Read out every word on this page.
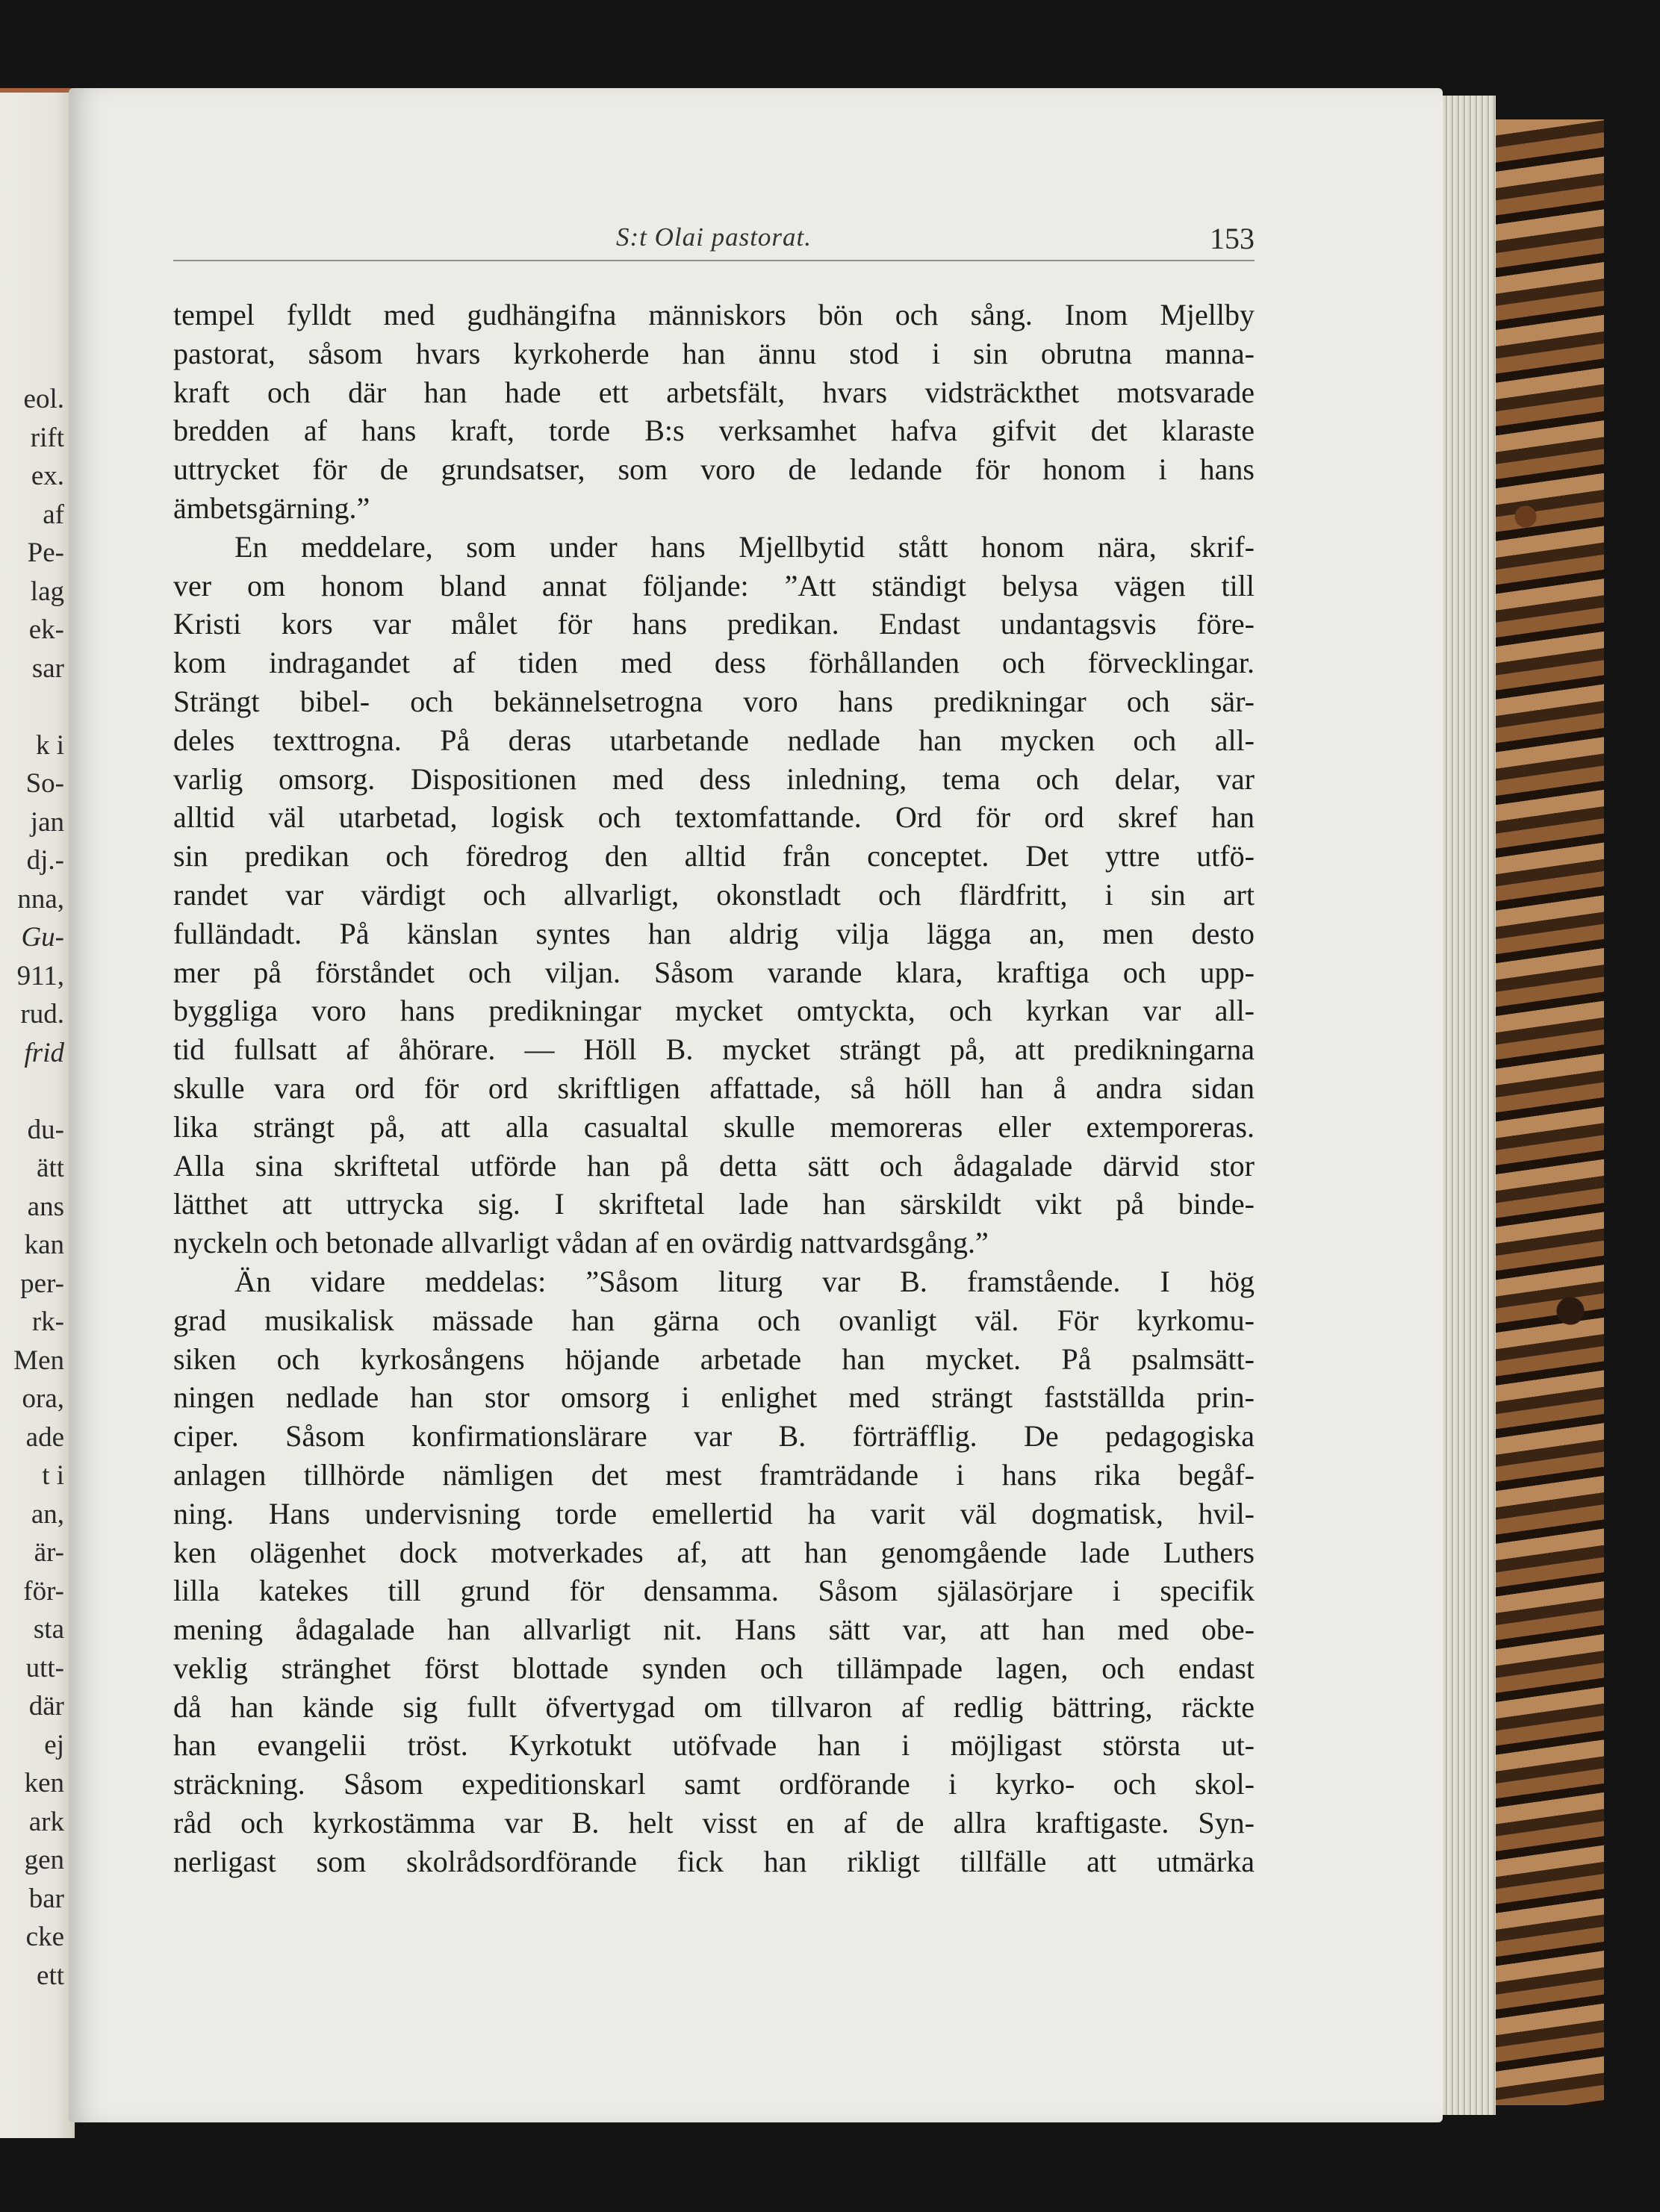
eol.
rift
ex.
af
Pe-
lag
ek-
sar

k i
So-
jan
dj.-
nna,
Gu-
911,
rud.
frid

du-
ätt
ans
kan
per-
rk-
Men
ora,
ade
t i
an,
är-
för-
sta
utt-
där
ej
ken
ark
gen
bar
cke
ett
S:t Olai pastorat.	153
tempel fylldt med gudhängifna människors bön och sång. Inom Mjellby
pastorat, såsom hvars kyrkoherde han ännu stod i sin obrutna manna-
kraft och där han hade ett arbetsfält, hvars vidsträckthet motsvarade
bredden af hans kraft, torde B:s verksamhet hafva gifvit det klaraste
uttrycket för de grundsatser, som voro de ledande för honom i hans
ämbetsgärning.”
En meddelare, som under hans Mjellbytid stått honom nära, skrif-
ver om honom bland annat följande: ”Att ständigt belysa vägen till
Kristi kors var målet för hans predikan. Endast undantagsvis före-
kom indragandet af tiden med dess förhållanden och förvecklingar.
Strängt bibel- och bekännelsetrogna voro hans predikningar och sär-
deles texttrogna. På deras utarbetande nedlade han mycken och all-
varlig omsorg. Dispositionen med dess inledning, tema och delar, var
alltid väl utarbetad, logisk och textomfattande. Ord för ord skref han
sin predikan och föredrog den alltid från conceptet. Det yttre utfö-
randet var värdigt och allvarligt, okonstladt och flärdfritt, i sin art
fulländadt. På känslan syntes han aldrig vilja lägga an, men desto
mer på förståndet och viljan. Såsom varande klara, kraftiga och upp-
byggliga voro hans predikningar mycket omtyckta, och kyrkan var all-
tid fullsatt af åhörare. — Höll B. mycket strängt på, att predikningarna
skulle vara ord för ord skriftligen affattade, så höll han å andra sidan
lika strängt på, att alla casualtal skulle memoreras eller extemporeras.
Alla sina skriftetal utförde han på detta sätt och ådagalade därvid stor
lätthet att uttrycka sig. I skriftetal lade han särskildt vikt på binde-
nyckeln och betonade allvarligt vådan af en ovärdig nattvardsgång.”
Än vidare meddelas: ”Såsom liturg var B. framstående. I hög
grad musikalisk mässade han gärna och ovanligt väl. För kyrkomu-
siken och kyrkosångens höjande arbetade han mycket. På psalmsätt-
ningen nedlade han stor omsorg i enlighet med strängt fastställda prin-
ciper. Såsom konfirmationslärare var B. förträfflig. De pedagogiska
anlagen tillhörde nämligen det mest framträdande i hans rika begåf-
ning. Hans undervisning torde emellertid ha varit väl dogmatisk, hvil-
ken olägenhet dock motverkades af, att han genomgående lade Luthers
lilla katekes till grund för densamma. Såsom själasörjare i specifik
mening ådagalade han allvarligt nit. Hans sätt var, att han med obe-
veklig stränghet först blottade synden och tillämpade lagen, och endast
då han kände sig fullt öfvertygad om tillvaron af redlig bättring, räckte
han evangelii tröst. Kyrkotukt utöfvade han i möjligast största ut-
sträckning. Såsom expeditionskarl samt ordförande i kyrko- och skol-
råd och kyrkostämma var B. helt visst en af de allra kraftigaste. Syn-
nerligast som skolrådsordförande fick han rikligt tillfälle att utmärka
